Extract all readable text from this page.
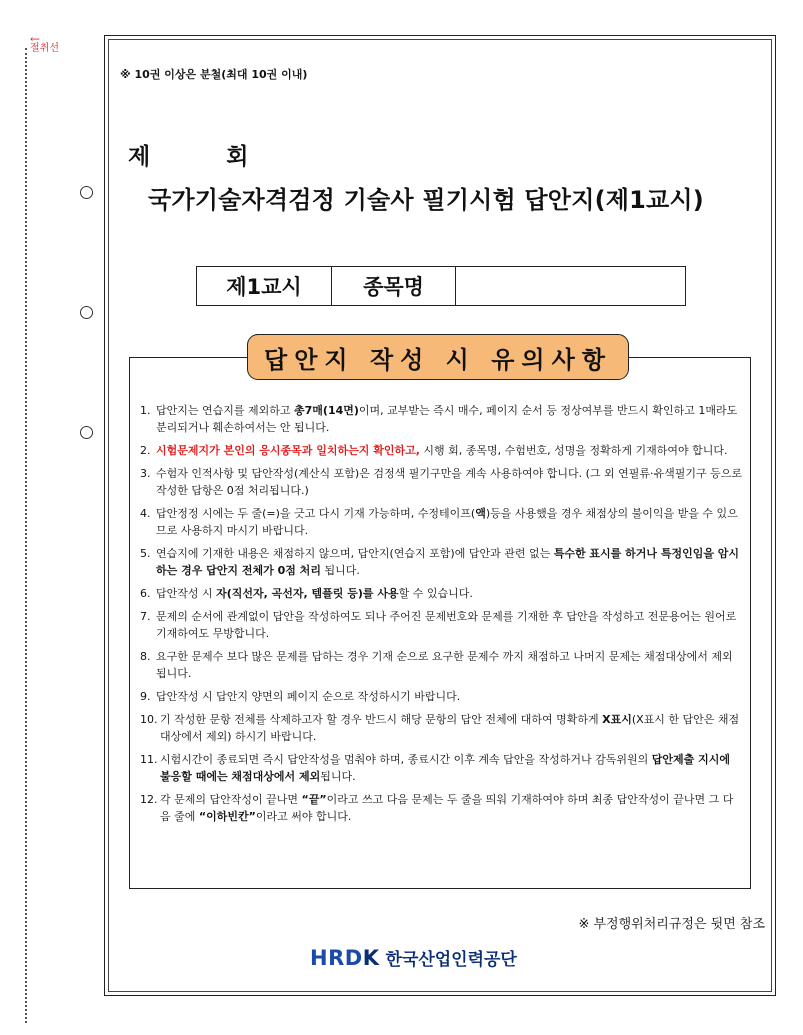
←
절취선
※ 10권 이상은 분철(최대 10권 이내)
제	회
국가기술자격검정 기술사 필기시험 답안지(제1교시)
제1교시	종목명
답안지 작성 시 유의사항
1. 답안지는 연습지를 제외하고 총7매(14면)이며, 교부받는 즉시 매수, 페이지 순서 등 정상여부를 반드시 확인하고 1매라도 분리되거나 훼손하여서는 안 됩니다.
2. 시험문제지가 본인의 응시종목과 일치하는지 확인하고, 시행 회, 종목명, 수험번호, 성명을 정확하게 기재하여야 합니다.
3. 수험자 인적사항 및 답안작성(계산식 포함)은 검정색 필기구만을 계속 사용하여야 합니다. (그 외 연필류·유색필기구 등으로 작성한 답항은 0점 처리됩니다.)
4. 답안정정 시에는 두 줄(=)을 긋고 다시 기재 가능하며, 수정테이프(액)등을 사용했을 경우 채점상의 불이익을 받을 수 있으므로 사용하지 마시기 바랍니다.
5. 연습지에 기재한 내용은 채점하지 않으며, 답안지(연습지 포함)에 답안과 관련 없는 특수한 표시를 하거나 특정인임을 암시하는 경우 답안지 전체가 0점 처리 됩니다.
6. 답안작성 시 자(직선자, 곡선자, 템플릿 등)를 사용할 수 있습니다.
7. 문제의 순서에 관계없이 답안을 작성하여도 되나 주어진 문제번호와 문제를 기재한 후 답안을 작성하고 전문용어는 원어로 기재하여도 무방합니다.
8. 요구한 문제수 보다 많은 문제를 답하는 경우 기재 순으로 요구한 문제수 까지 채점하고 나머지 문제는 채점대상에서 제외됩니다.
9. 답안작성 시 답안지 양면의 페이지 순으로 작성하시기 바랍니다.
10. 기 작성한 문항 전체를 삭제하고자 할 경우 반드시 해당 문항의 답안 전체에 대하여 명확하게 X표시(X표시 한 답안은 채점대상에서 제외) 하시기 바랍니다.
11. 시험시간이 종료되면 즉시 답안작성을 멈춰야 하며, 종료시간 이후 계속 답안을 작성하거나 감독위원의 답안제출 지시에 불응할 때에는 채점대상에서 제외됩니다.
12. 각 문제의 답안작성이 끝나면 “끝”이라고 쓰고 다음 문제는 두 줄을 띄워 기재하여야 하며 최종 답안작성이 끝나면 그 다음 줄에 “이하빈칸”이라고 써야 합니다.
※ 부정행위처리규정은 뒷면 참조
HRDK 한국산업인력공단
